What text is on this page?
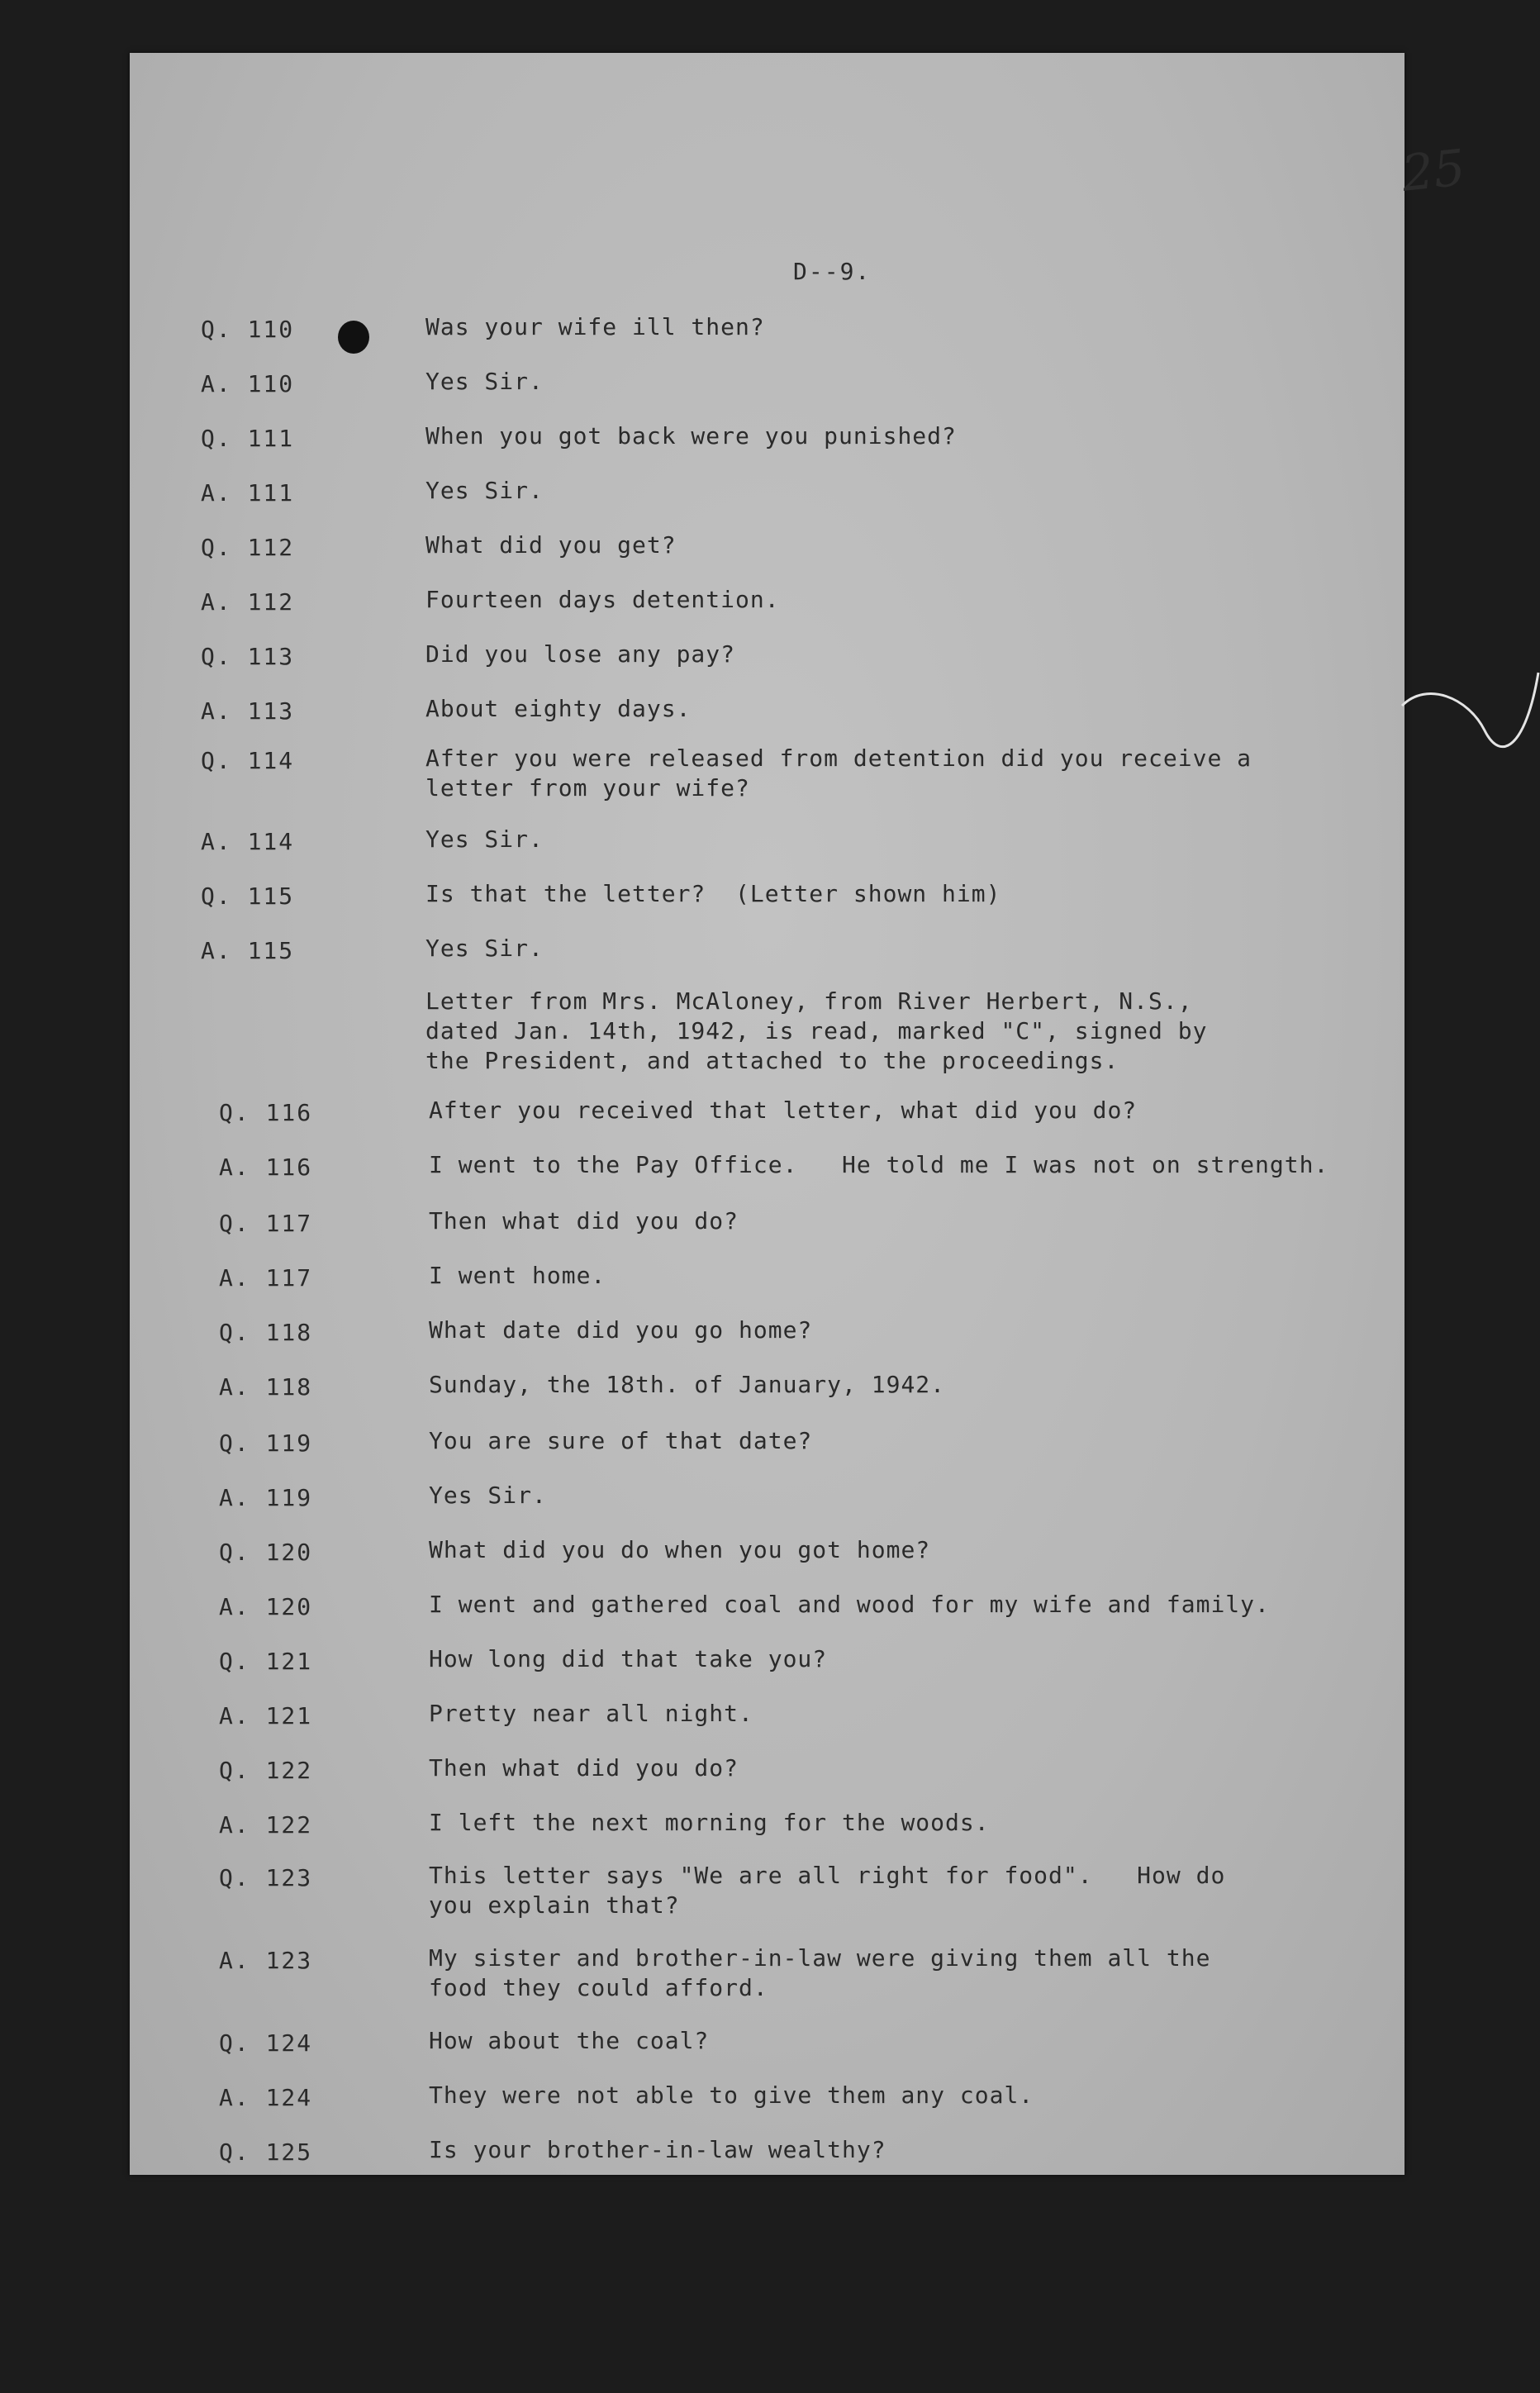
25
D--9.
Q. 110	Was your wife ill then?
A. 110	Yes Sir.
Q. 111	When you got back were you punished?
A. 111	Yes Sir.
Q. 112	What did you get?
A. 112	Fourteen days detention.
Q. 113	Did you lose any pay?
A. 113	About eighty days.
Q. 114	After you were released from detention did you receive a
letter from your wife?
A. 114	Yes Sir.
Q. 115	Is that the letter?  (Letter shown him)
A. 115	Yes Sir.
Letter from Mrs. McAloney, from River Herbert, N.S.,
dated Jan. 14th, 1942, is read, marked "C", signed by
the President, and attached to the proceedings.
Q. 116	After you received that letter, what did you do?
A. 116	I went to the Pay Office.   He told me I was not on strength.
Q. 117	Then what did you do?
A. 117	I went home.
Q. 118	What date did you go home?
A. 118	Sunday, the 18th. of January, 1942.
Q. 119	You are sure of that date?
A. 119	Yes Sir.
Q. 120	What did you do when you got home?
A. 120	I went and gathered coal and wood for my wife and family.
Q. 121	How long did that take you?
A. 121	Pretty near all night.
Q. 122	Then what did you do?
A. 122	I left the next morning for the woods.
Q. 123	This letter says "We are all right for food".   How do
you explain that?
A. 123	My sister and brother-in-law were giving them all the
food they could afford.
Q. 124	How about the coal?
A. 124	They were not able to give them any coal.
Q. 125	Is your brother-in-law wealthy?
